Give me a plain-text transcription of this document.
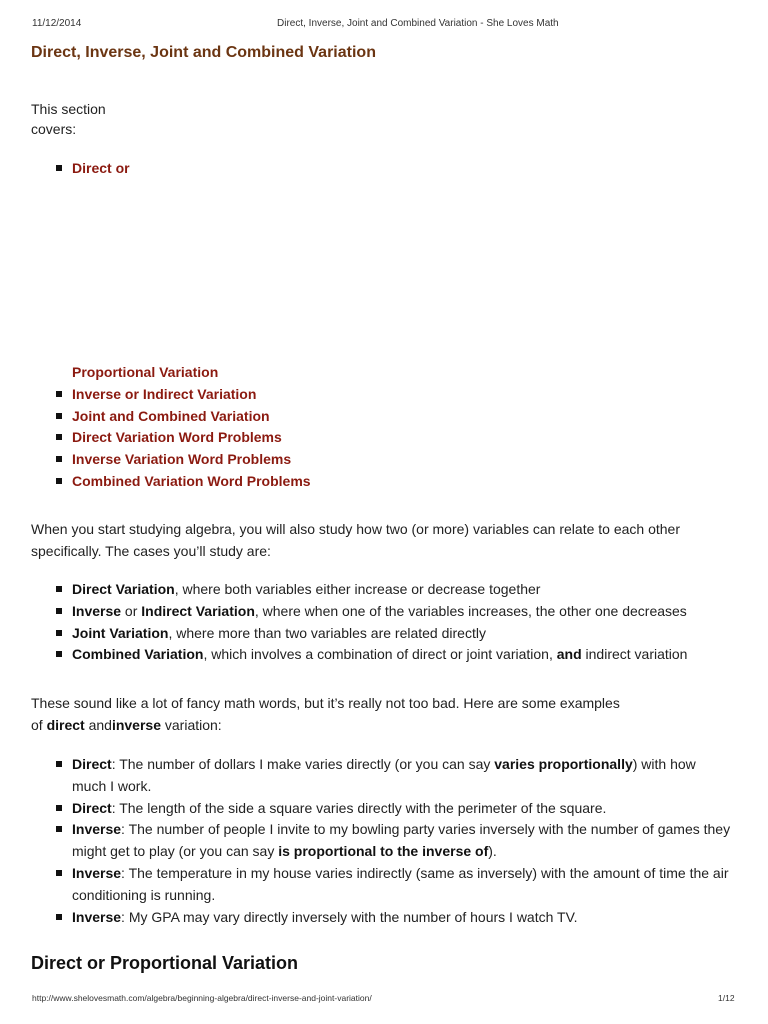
11/12/2014	Direct, Inverse, Joint and Combined Variation - She Loves Math
Direct, Inverse, Joint and Combined Variation

This section
covers:

Direct or
Proportional Variation
Inverse or Indirect Variation
Joint and Combined Variation
Direct Variation Word Problems
Inverse Variation Word Problems
Combined Variation Word Problems

When you start studying algebra, you will also study how two (or more) variables can relate to each other
specifically. The cases you’ll study are:

Direct Variation, where both variables either increase or decrease together
Inverse or Indirect Variation, where when one of the variables increases, the other one decreases
Joint Variation, where more than two variables are related directly
Combined Variation, which involves a combination of direct or joint variation, and indirect variation

These sound like a lot of fancy math words, but it’s really not too bad. Here are some examples
of direct andinverse variation:

Direct: The number of dollars I make varies directly (or you can say varies proportionally) with how much I work.
Direct: The length of the side a square varies directly with the perimeter of the square.
Inverse: The number of people I invite to my bowling party varies inversely with the number of games they might get to play (or you can say is proportional to the inverse of).
Inverse: The temperature in my house varies indirectly (same as inversely) with the amount of time the air conditioning is running.
Inverse: My GPA may vary directly inversely with the number of hours I watch TV.
Direct or Proportional Variation
http://www.shelovesmath.com/algebra/beginning-algebra/direct-inverse-and-joint-variation/	1/12
